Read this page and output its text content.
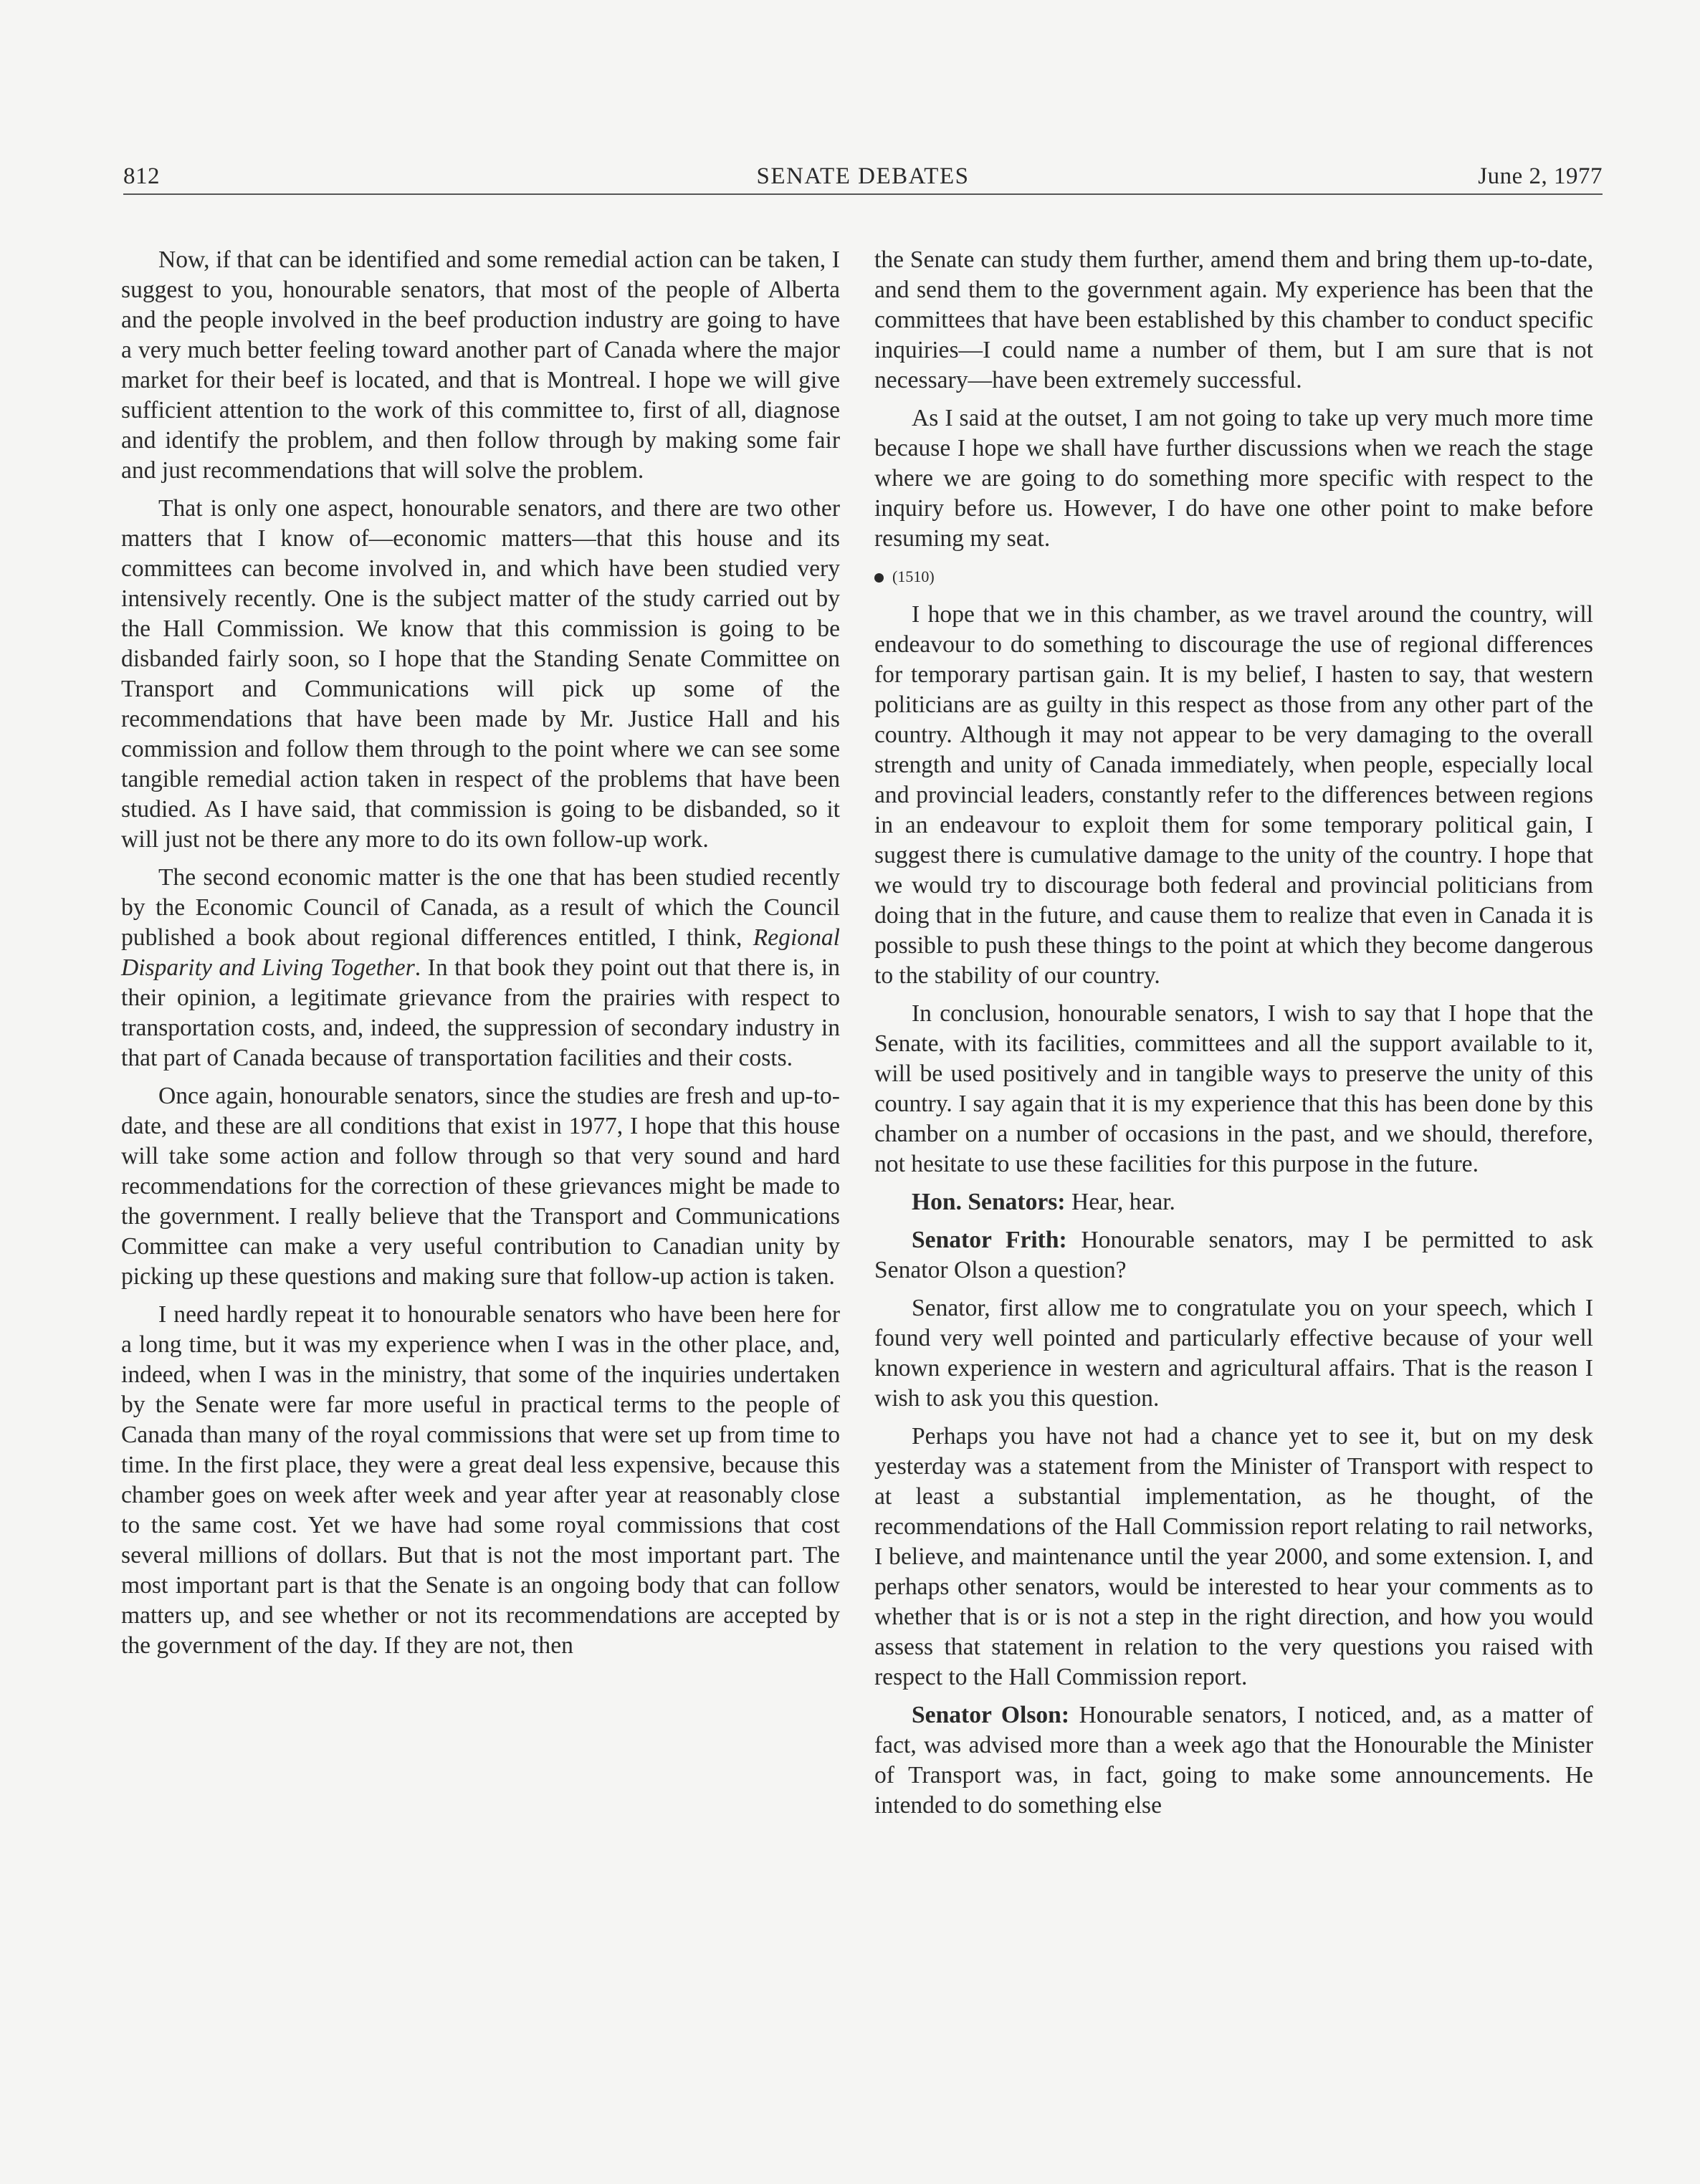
812	SENATE DEBATES	June 2, 1977

Now, if that can be identified and some remedial action can be taken, I suggest to you, honourable senators, that most of the people of Alberta and the people involved in the beef production industry are going to have a very much better feeling toward another part of Canada where the major market for their beef is located, and that is Montreal. I hope we will give sufficient attention to the work of this committee to, first of all, diagnose and identify the problem, and then follow through by making some fair and just recommendations that will solve the problem.

That is only one aspect, honourable senators, and there are two other matters that I know of—economic matters—that this house and its committees can become involved in, and which have been studied very intensively recently. One is the subject matter of the study carried out by the Hall Commission. We know that this commission is going to be disbanded fairly soon, so I hope that the Standing Senate Committee on Transport and Communications will pick up some of the recommendations that have been made by Mr. Justice Hall and his commission and follow them through to the point where we can see some tangible remedial action taken in respect of the problems that have been studied. As I have said, that commission is going to be disbanded, so it will just not be there any more to do its own follow-up work.

The second economic matter is the one that has been studied recently by the Economic Council of Canada, as a result of which the Council published a book about regional differences entitled, I think, Regional Disparity and Living Together. In that book they point out that there is, in their opinion, a legitimate grievance from the prairies with respect to transportation costs, and, indeed, the suppression of secondary industry in that part of Canada because of transportation facilities and their costs.

Once again, honourable senators, since the studies are fresh and up-to-date, and these are all conditions that exist in 1977, I hope that this house will take some action and follow through so that very sound and hard recommendations for the correction of these grievances might be made to the government. I really believe that the Transport and Communications Committee can make a very useful contribution to Canadian unity by picking up these questions and making sure that follow-up action is taken.

I need hardly repeat it to honourable senators who have been here for a long time, but it was my experience when I was in the other place, and, indeed, when I was in the ministry, that some of the inquiries undertaken by the Senate were far more useful in practical terms to the people of Canada than many of the royal commissions that were set up from time to time. In the first place, they were a great deal less expensive, because this chamber goes on week after week and year after year at reasonably close to the same cost. Yet we have had some royal commissions that cost several millions of dollars. But that is not the most important part. The most important part is that the Senate is an ongoing body that can follow matters up, and see whether or not its recommendations are accepted by the government of the day. If they are not, then

the Senate can study them further, amend them and bring them up-to-date, and send them to the government again. My experience has been that the committees that have been established by this chamber to conduct specific inquiries—I could name a number of them, but I am sure that is not necessary—have been extremely successful.

As I said at the outset, I am not going to take up very much more time because I hope we shall have further discussions when we reach the stage where we are going to do something more specific with respect to the inquiry before us. However, I do have one other point to make before resuming my seat.

(1510)

I hope that we in this chamber, as we travel around the country, will endeavour to do something to discourage the use of regional differences for temporary partisan gain. It is my belief, I hasten to say, that western politicians are as guilty in this respect as those from any other part of the country. Although it may not appear to be very damaging to the overall strength and unity of Canada immediately, when people, especially local and provincial leaders, constantly refer to the differences between regions in an endeavour to exploit them for some temporary political gain, I suggest there is cumulative damage to the unity of the country. I hope that we would try to discourage both federal and provincial politicians from doing that in the future, and cause them to realize that even in Canada it is possible to push these things to the point at which they become dangerous to the stability of our country.

In conclusion, honourable senators, I wish to say that I hope that the Senate, with its facilities, committees and all the support available to it, will be used positively and in tangible ways to preserve the unity of this country. I say again that it is my experience that this has been done by this chamber on a number of occasions in the past, and we should, therefore, not hesitate to use these facilities for this purpose in the future.

Hon. Senators: Hear, hear.

Senator Frith: Honourable senators, may I be permitted to ask Senator Olson a question?

Senator, first allow me to congratulate you on your speech, which I found very well pointed and particularly effective because of your well known experience in western and agricultural affairs. That is the reason I wish to ask you this question.

Perhaps you have not had a chance yet to see it, but on my desk yesterday was a statement from the Minister of Transport with respect to at least a substantial implementation, as he thought, of the recommendations of the Hall Commission report relating to rail networks, I believe, and maintenance until the year 2000, and some extension. I, and perhaps other senators, would be interested to hear your comments as to whether that is or is not a step in the right direction, and how you would assess that statement in relation to the very questions you raised with respect to the Hall Commission report.

Senator Olson: Honourable senators, I noticed, and, as a matter of fact, was advised more than a week ago that the Honourable the Minister of Transport was, in fact, going to make some announcements. He intended to do something else
